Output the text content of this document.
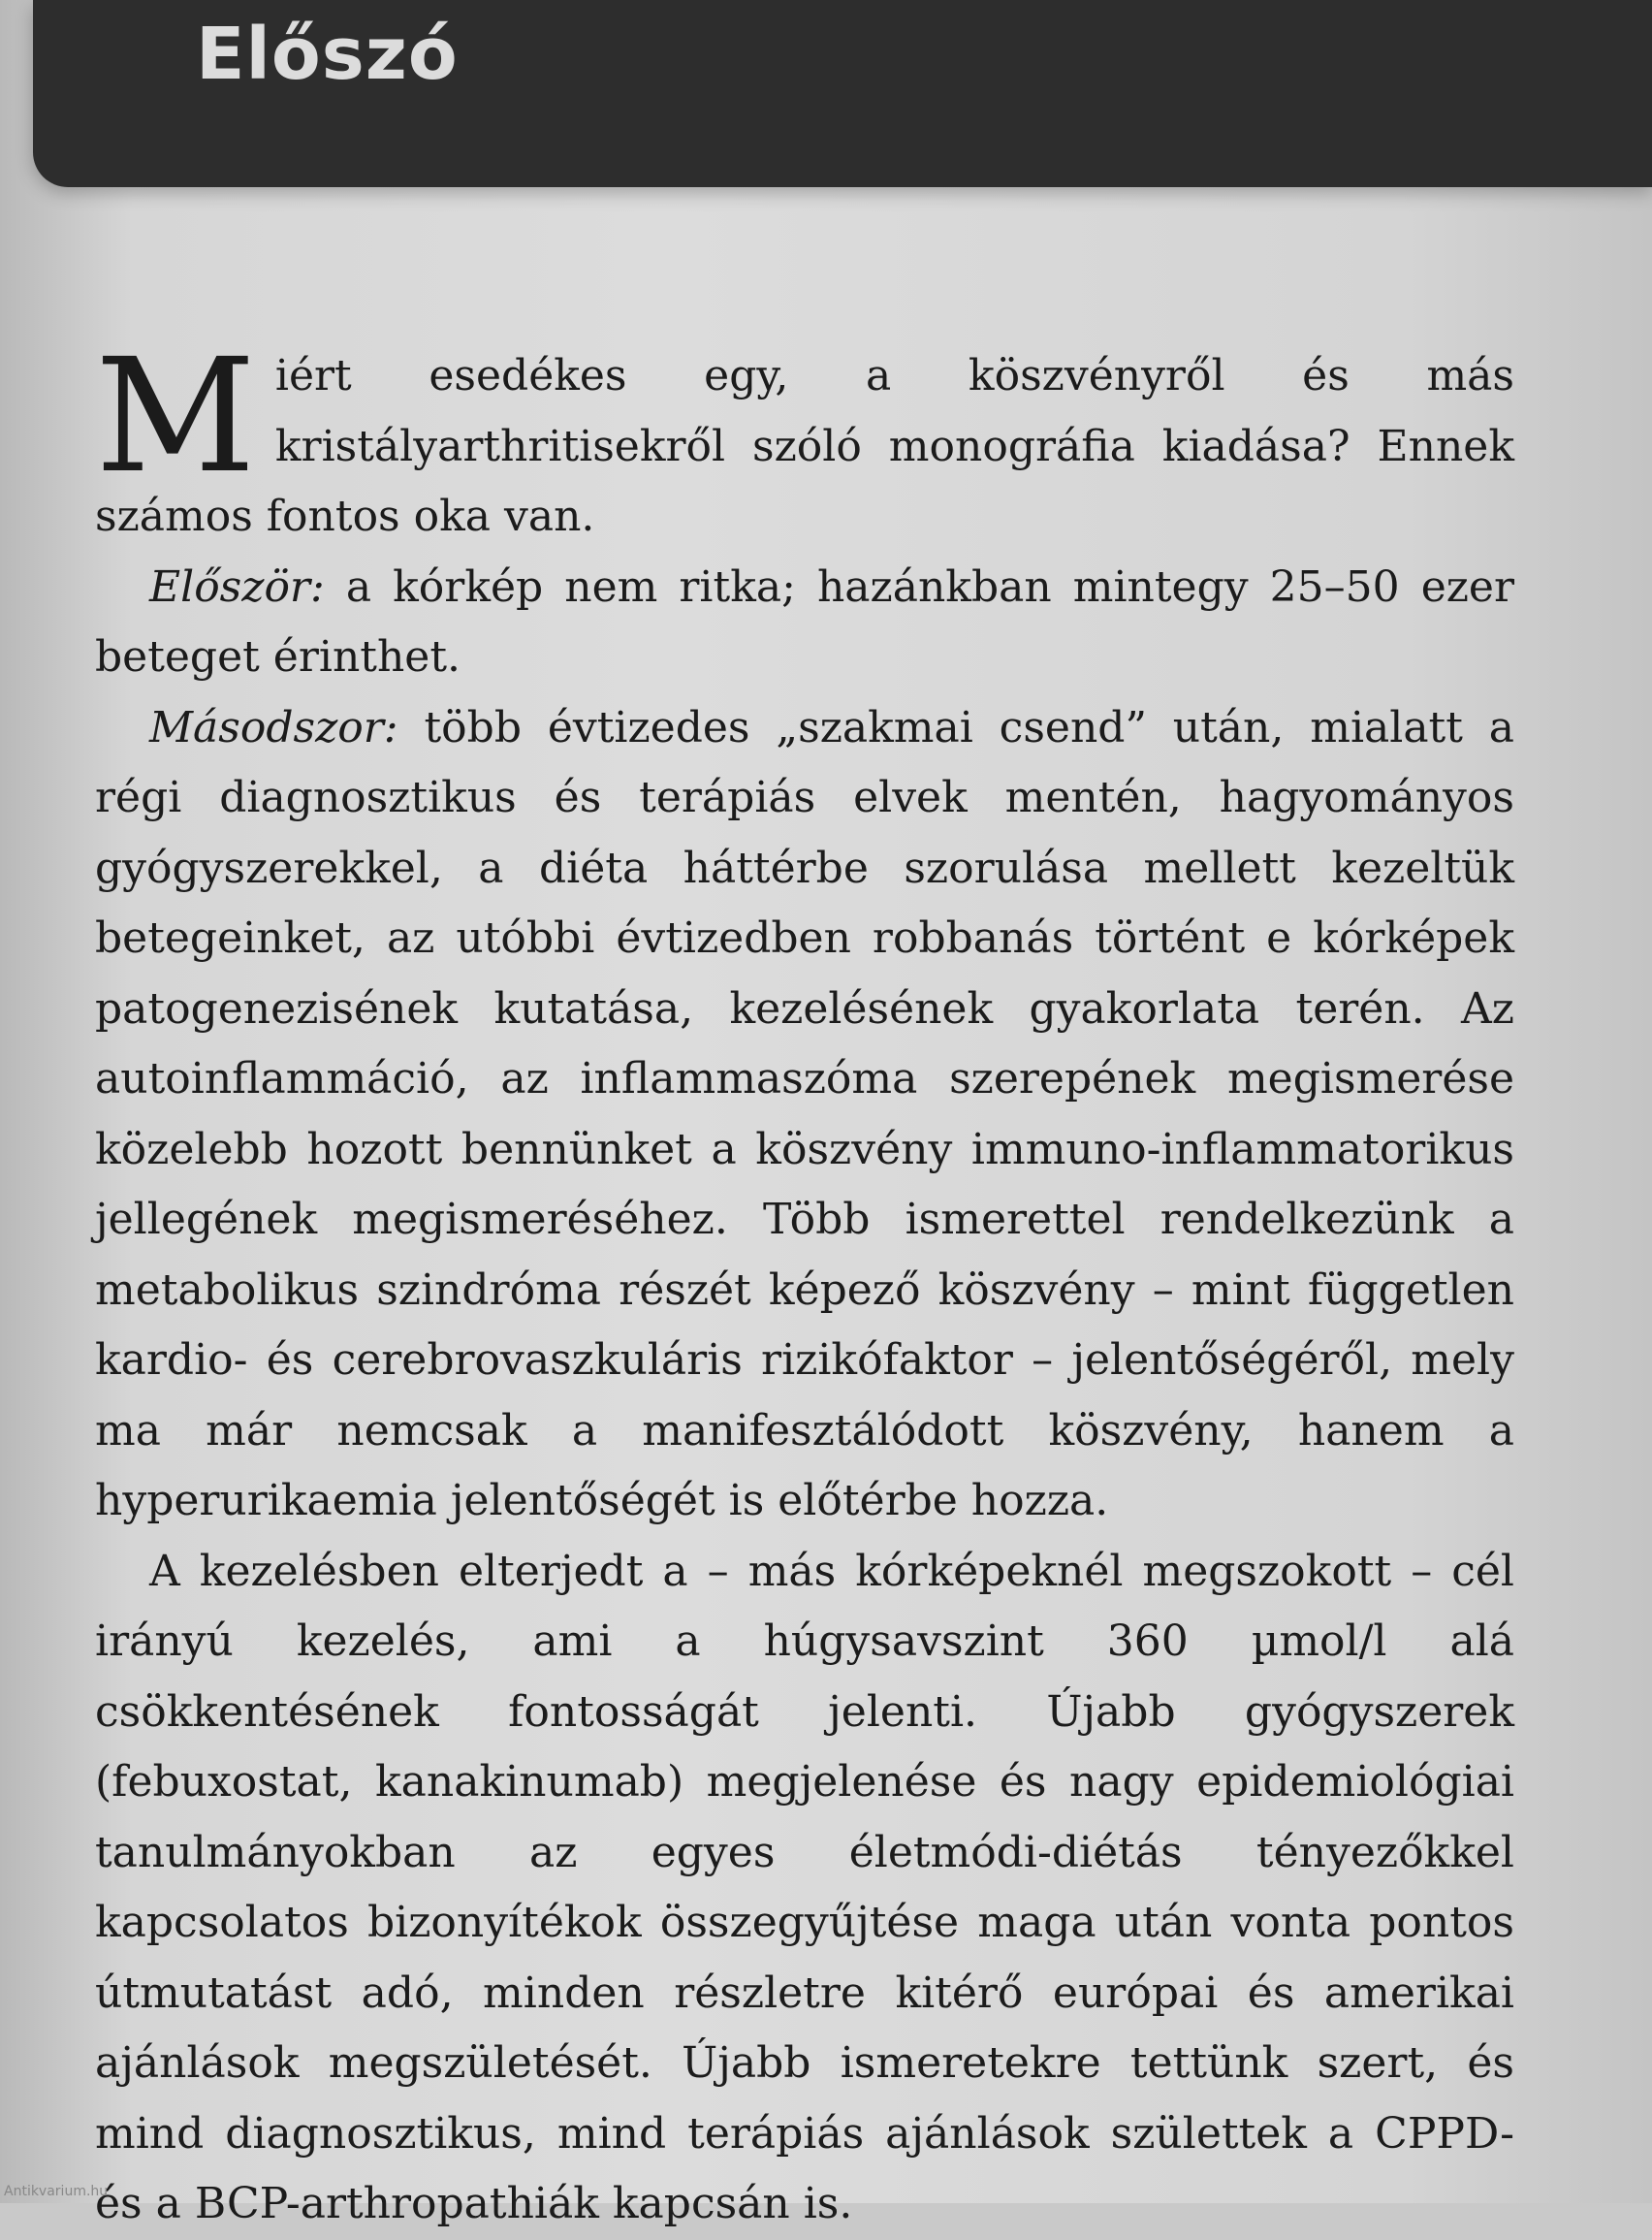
Előszó

Miért esedékes egy, a köszvényről és más kristályarthritisekről szóló monográfia kiadása? Ennek számos fontos oka van.

Először: a kórkép nem ritka; hazánkban mintegy 25–50 ezer beteget érinthet.

Másodszor: több évtizedes „szakmai csend” után, mialatt a régi diagnosztikus és terápiás elvek mentén, hagyományos gyógyszerekkel, a diéta háttérbe szorulása mellett kezeltük betegeinket, az utóbbi évtizedben robbanás történt e kórképek patogenezisének kutatása, kezelésének gyakorlata terén. Az autoinflammáció, az inflammaszóma szerepének megismerése közelebb hozott bennünket a köszvény immuno-inflammatorikus jellegének megismeréséhez. Több ismerettel rendelkezünk a metabolikus szindróma részét képező köszvény – mint független kardio- és cerebrovaszkuláris rizikófaktor – jelentőségéről, mely ma már nemcsak a manifesztálódott köszvény, hanem a hyperurikaemia jelentőségét is előtérbe hozza.

A kezelésben elterjedt a – más kórképeknél megszokott – cél irányú kezelés, ami a húgysavszint 360 µmol/l alá csökkentésének fontosságát jelenti. Újabb gyógyszerek (febuxostat, kanakinumab) megjelenése és nagy epidemiológiai tanulmányokban az egyes életmódi-diétás tényezőkkel kapcsolatos bizonyítékok összegyűjtése maga után vonta pontos útmutatást adó, minden részletre kitérő európai és amerikai ajánlások megszületését. Újabb ismeretekre tettünk szert, és mind diagnosztikus, mind terápiás ajánlások születtek a CPPD- és a BCP-arthropathiák kapcsán is.

Antikvarium.hu
